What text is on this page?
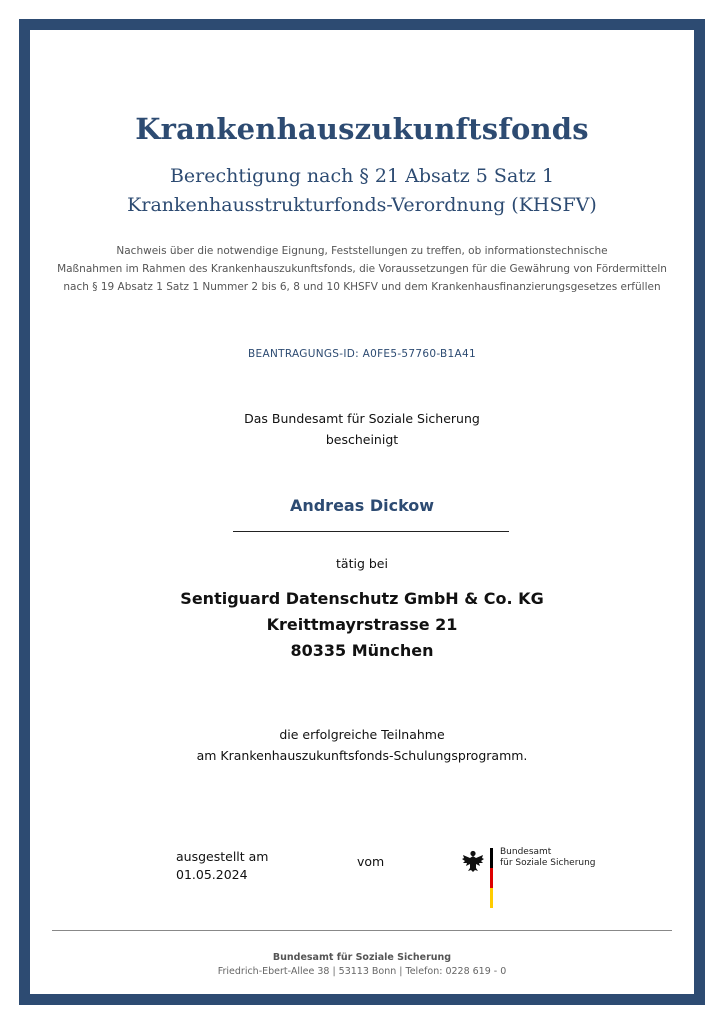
Krankenhauszukunftsfonds
Berechtigung nach § 21 Absatz 5 Satz 1
Krankenhausstrukturfonds-Verordnung (KHSFV)
Nachweis über die notwendige Eignung, Feststellungen zu treffen, ob informationstechnische
Maßnahmen im Rahmen des Krankenhauszukunftsfonds, die Voraussetzungen für die Gewährung von Fördermitteln
nach § 19 Absatz 1 Satz 1 Nummer 2 bis 6, 8 und 10 KHSFV und dem Krankenhausfinanzierungsgesetzes erfüllen
BEANTRAGUNGS-ID: A0FE5-57760-B1A41
Das Bundesamt für Soziale Sicherung
bescheinigt
Andreas Dickow
tätig bei
Sentiguard Datenschutz GmbH & Co. KG
Kreittmayrstrasse 21
80335 München
die erfolgreiche Teilnahme
am Krankenhauszukunftsfonds-Schulungsprogramm.
ausgestellt am
01.05.2024
vom
Bundesamt
für Soziale Sicherung
Bundesamt für Soziale Sicherung
Friedrich-Ebert-Allee 38 | 53113 Bonn | Telefon: 0228 619 - 0
